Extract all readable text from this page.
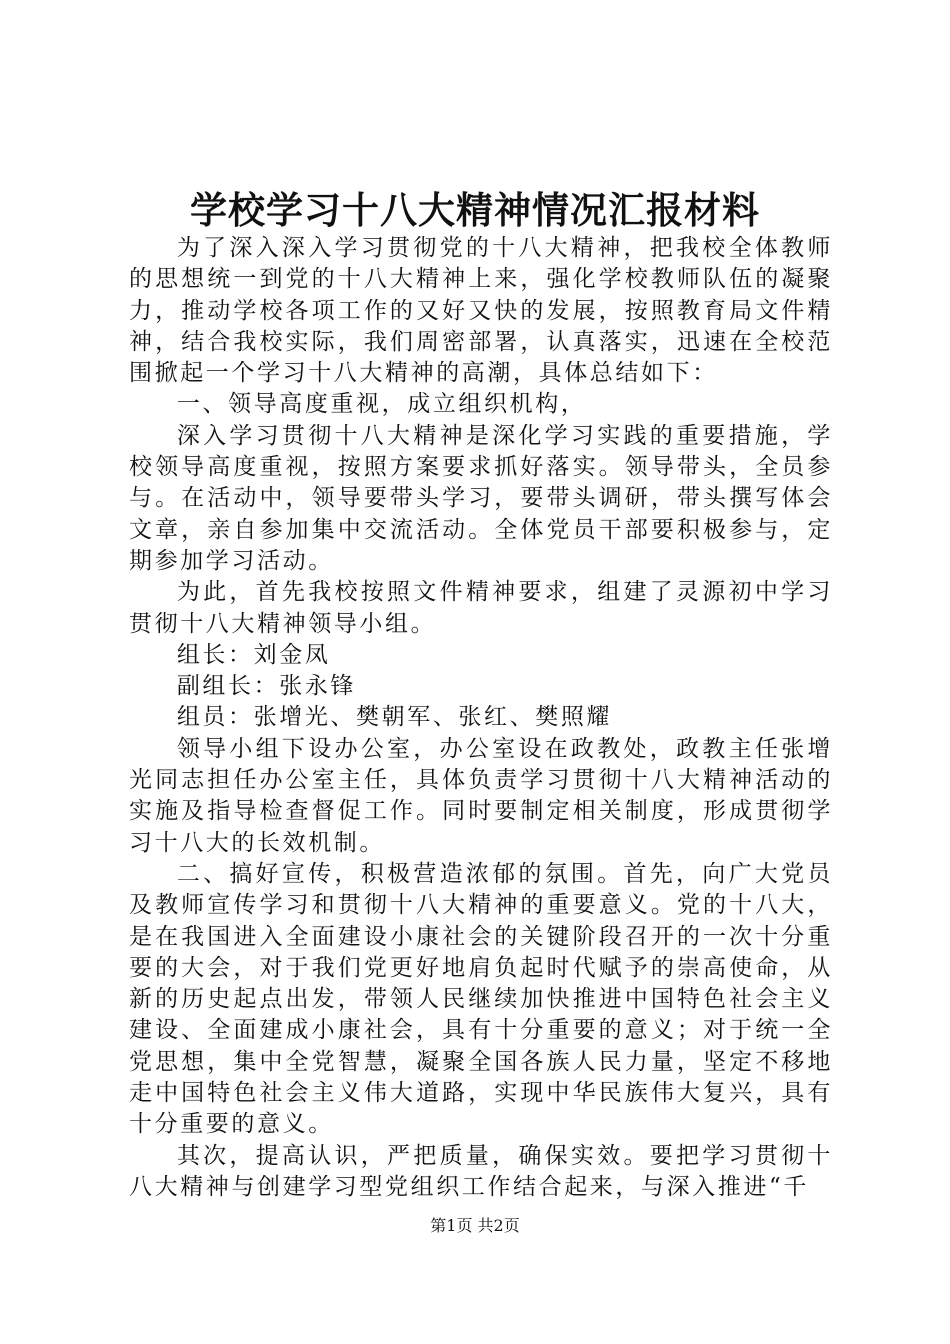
学校学习十八大精神情况汇报材料

为了深入深入学习贯彻党的十八大精神，把我校全体教师的思想统一到党的十八大精神上来，强化学校教师队伍的凝聚力，推动学校各项工作的又好又快的发展，按照教育局文件精神，结合我校实际，我们周密部署，认真落实，迅速在全校范围掀起一个学习十八大精神的高潮，具体总结如下：

一、领导高度重视，成立组织机构，

深入学习贯彻十八大精神是深化学习实践的重要措施，学校领导高度重视，按照方案要求抓好落实。领导带头，全员参与。在活动中，领导要带头学习，要带头调研，带头撰写体会文章，亲自参加集中交流活动。全体党员干部要积极参与，定期参加学习活动。

为此，首先我校按照文件精神要求，组建了灵源初中学习贯彻十八大精神领导小组。

组长：刘金凤

副组长：张永锋

组员：张增光、樊朝军、张红、樊照耀

领导小组下设办公室，办公室设在政教处，政教主任张增光同志担任办公室主任，具体负责学习贯彻十八大精神活动的实施及指导检查督促工作。同时要制定相关制度，形成贯彻学习十八大的长效机制。

二、搞好宣传，积极营造浓郁的氛围。首先，向广大党员及教师宣传学习和贯彻十八大精神的重要意义。党的十八大，是在我国进入全面建设小康社会的关键阶段召开的一次十分重要的大会，对于我们党更好地肩负起时代赋予的崇高使命，从新的历史起点出发，带领人民继续加快推进中国特色社会主义建设、全面建成小康社会，具有十分重要的意义；对于统一全党思想，集中全党智慧，凝聚全国各族人民力量，坚定不移地走中国特色社会主义伟大道路，实现中华民族伟大复兴，具有十分重要的意义。

其次，提高认识，严把质量，确保实效。要把学习贯彻十八大精神与创建学习型党组织工作结合起来，与深入推进“千

第1页 共2页
